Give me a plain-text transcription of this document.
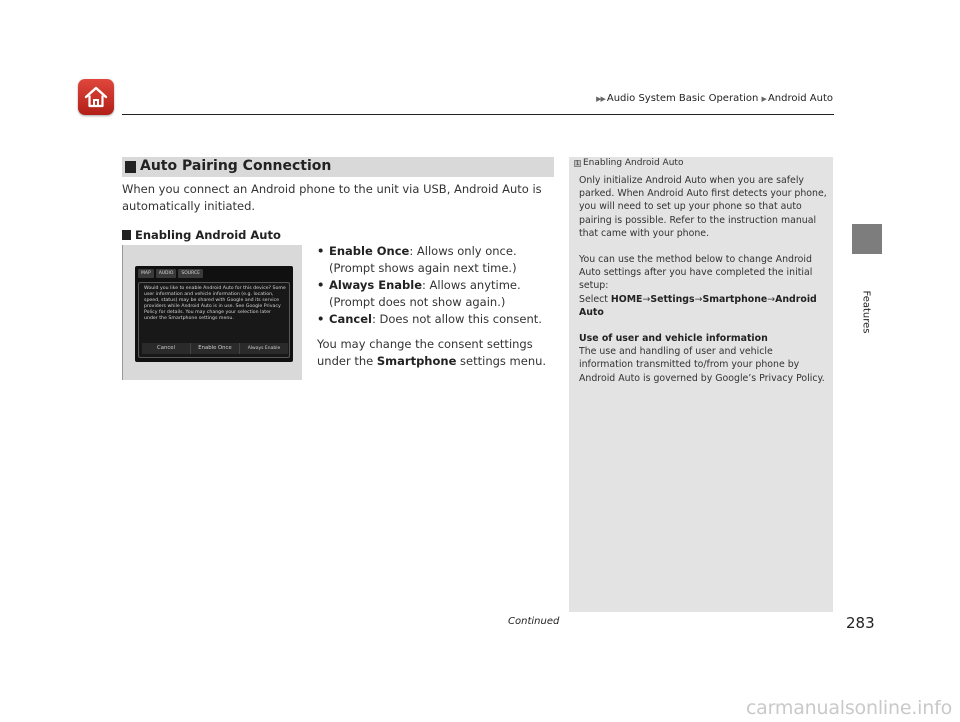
▶▶ Audio System Basic Operation ▶ Android Auto
Features
Auto Pairing Connection

When you connect an Android phone to the unit via USB, Android Auto is automatically initiated.

Enabling Android Auto
MAP	AUDIO	SOURCE
Would you like to enable Android Auto for this device? Some user information and vehicle information (e.g. location, speed, status) may be shared with Google and its service providers while Android Auto is in use. See Google Privacy Policy for details. You may change your selection later under the Smartphone settings menu.
Cancel	Enable Once	Always Enable
• Enable Once: Allows only once. (Prompt shows again next time.)
• Always Enable: Allows anytime. (Prompt does not show again.)
• Cancel: Does not allow this consent.

You may change the consent settings under the Smartphone settings menu.

1 Enabling Android Auto

Only initialize Android Auto when you are safely parked. When Android Auto first detects your phone, you will need to set up your phone so that auto pairing is possible. Refer to the instruction manual that came with your phone.

You can use the method below to change Android Auto settings after you have completed the initial setup:

Select HOME→Settings→Smartphone→Android Auto

Use of user and vehicle information

The use and handling of user and vehicle information transmitted to/from your phone by Android Auto is governed by Google’s Privacy Policy.

Continued	283
carmanualsonline.info
